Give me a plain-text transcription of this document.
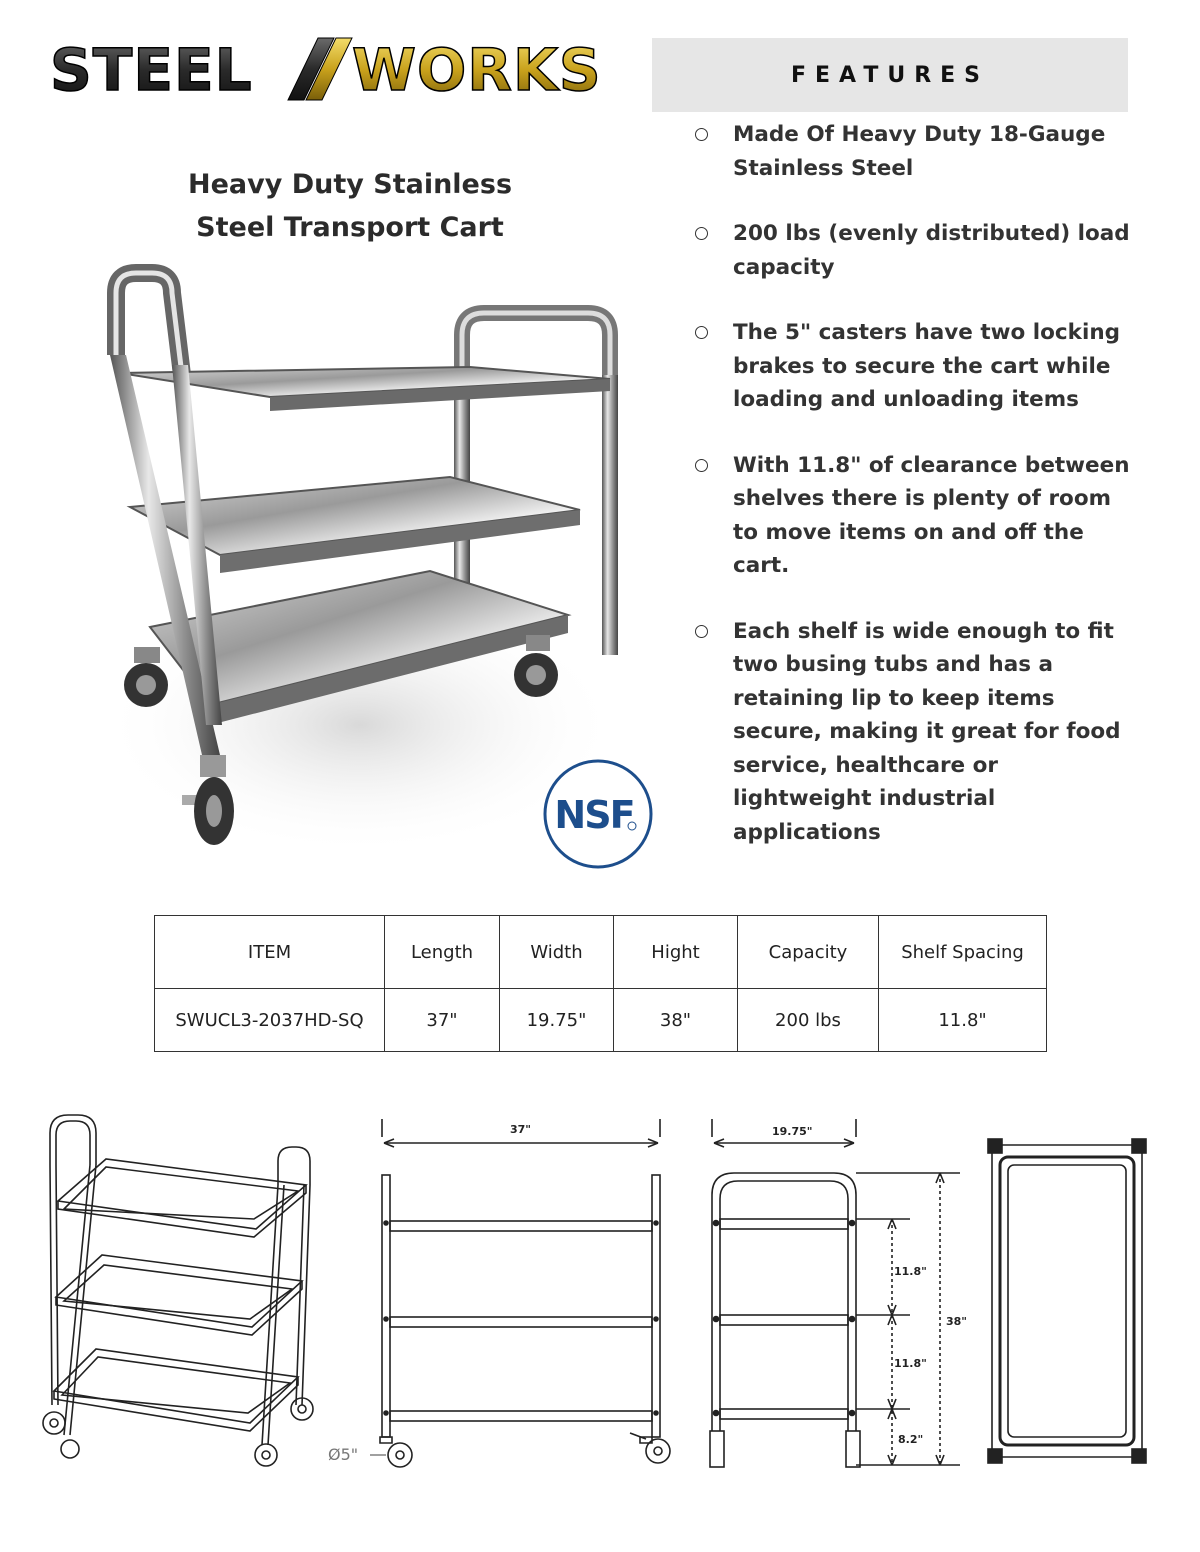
STEEL WORKS	FEATURES
Heavy Duty Stainless
Steel Transport Cart
Made Of Heavy Duty 18-Gauge Stainless Steel
200 lbs (evenly distributed) load capacity
The 5" casters have two locking brakes to secure the cart while loading and unloading items
With 11.8" of clearance between shelves there is plenty of room to move items on and off the cart.
Each shelf is wide enough to fit two busing tubs and has a retaining lip to keep items secure, making it great for food service, healthcare or lightweight industrial applications
NSF
ITEM	Length	Width	Hight	Capacity	Shelf Spacing
SWUCL3-2037HD-SQ	37"	19.75"	38"	200 lbs	11.8"
37"
Ø5"
19.75"
11.8"
11.8"
8.2"
38"
